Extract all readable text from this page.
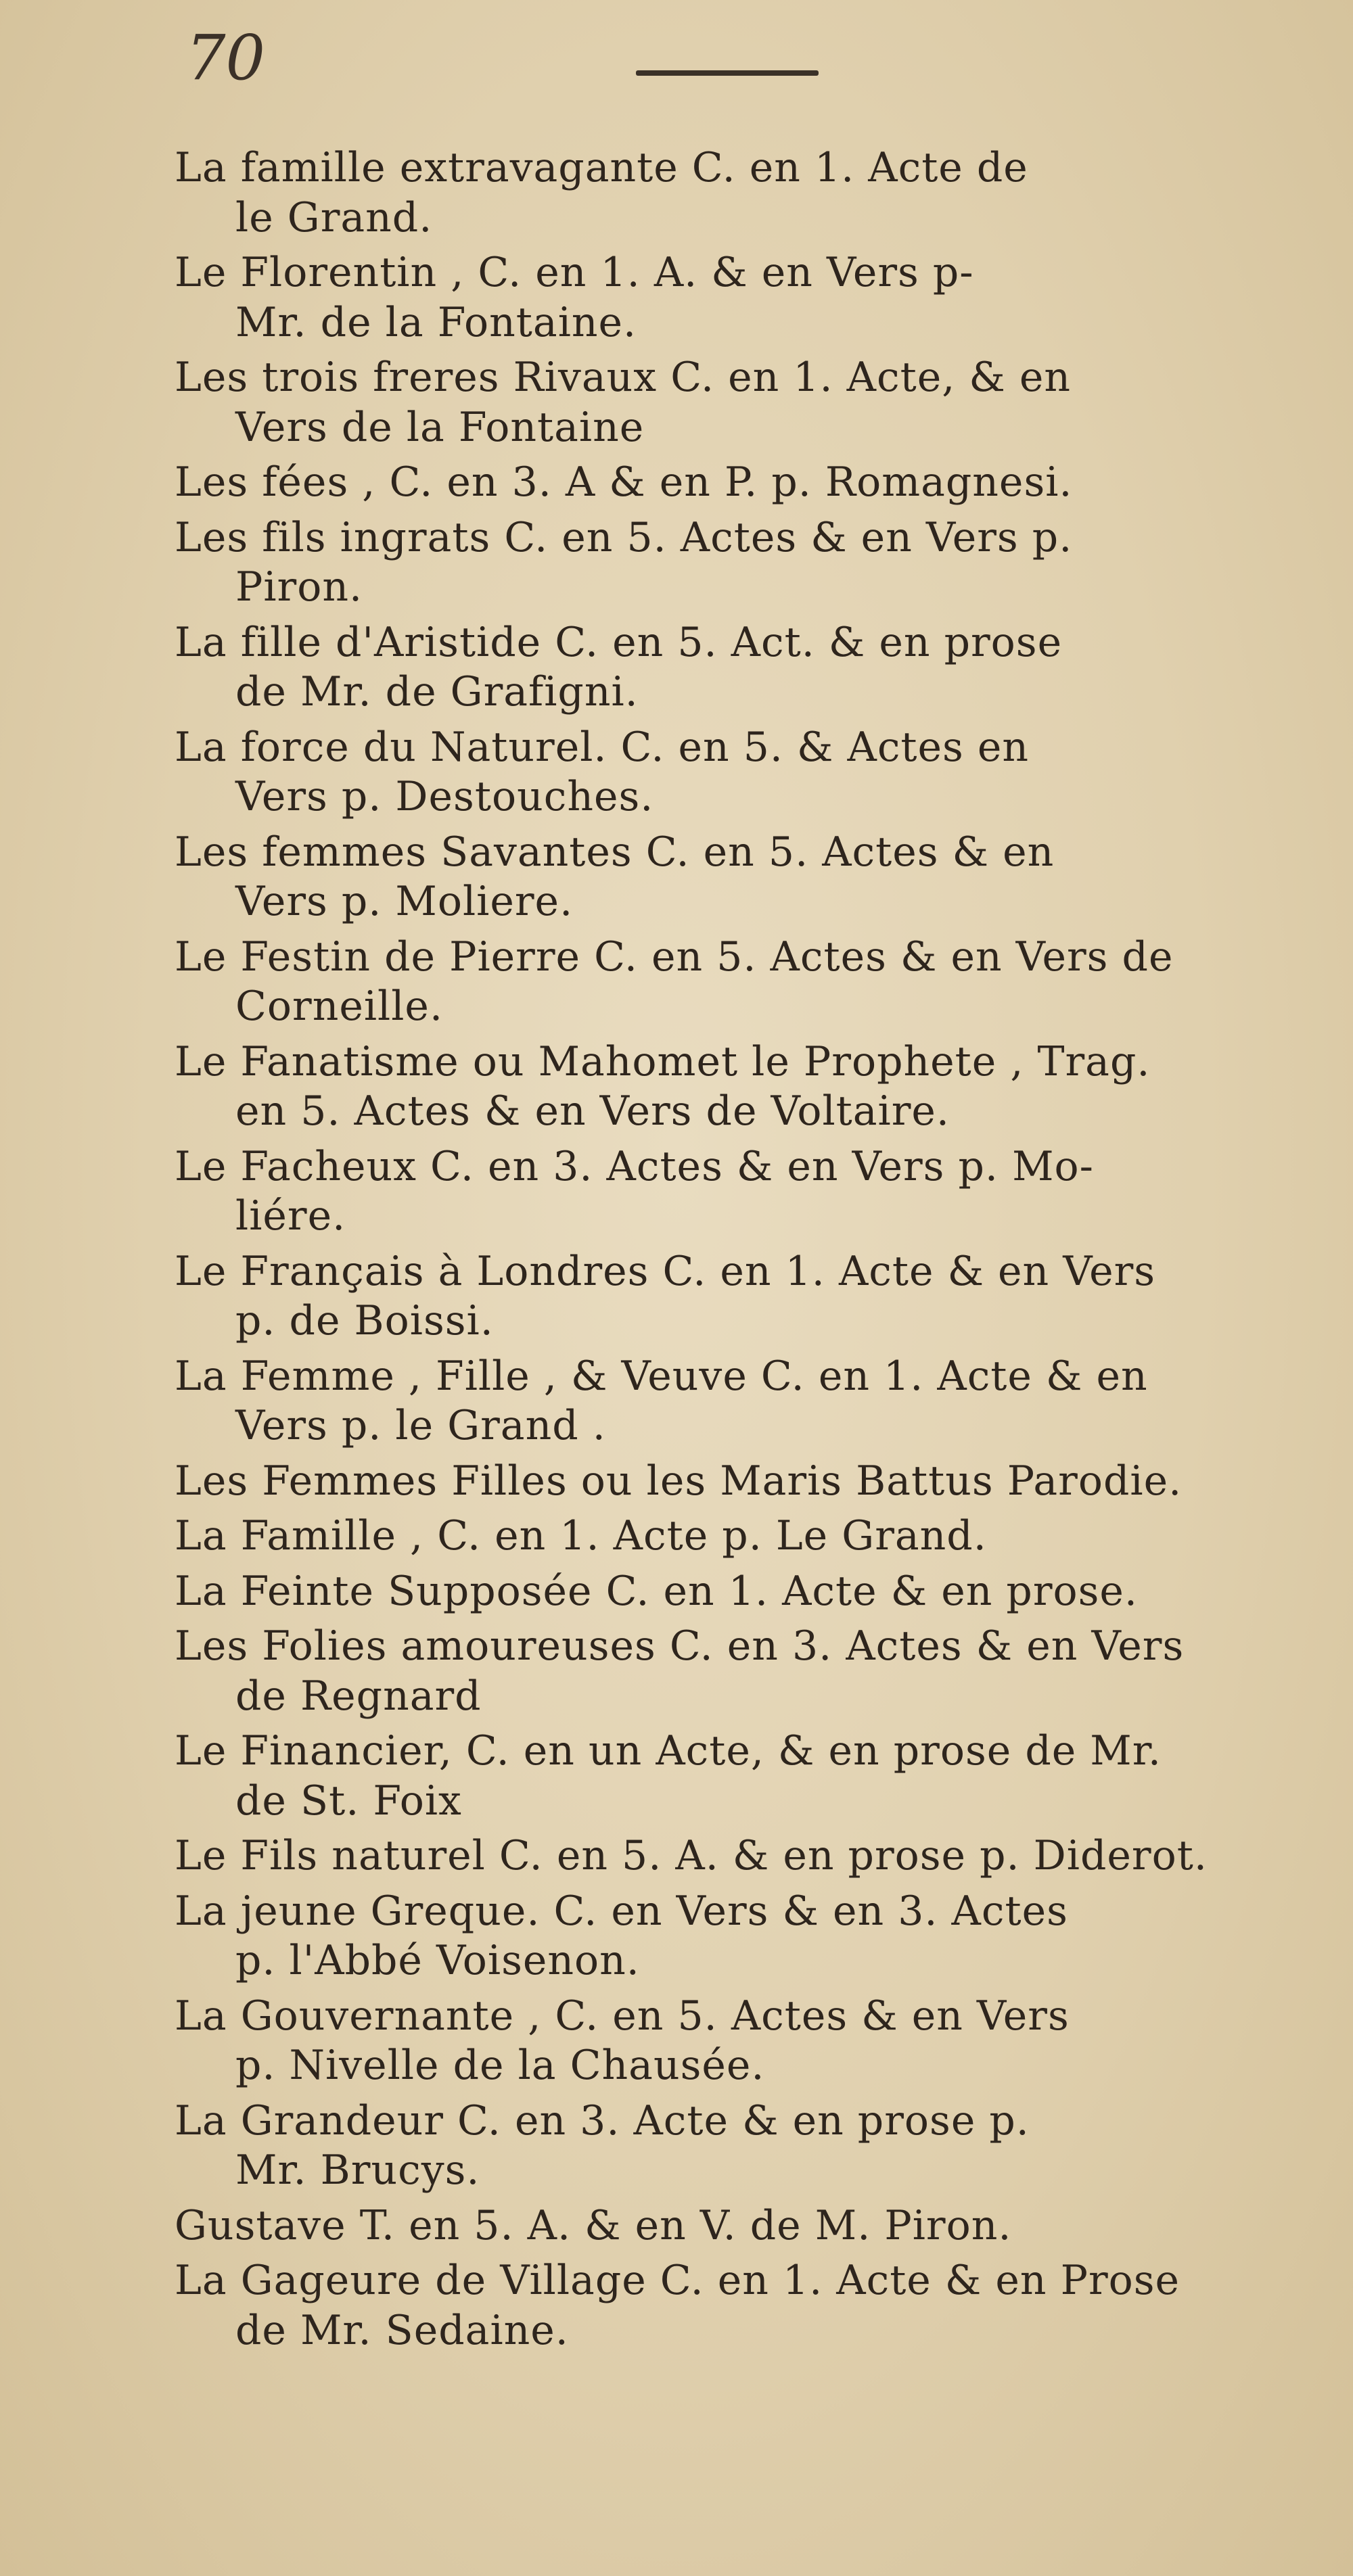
70
La famille extravagante C. en 1. Acte de
le Grand.
Le Florentin , C. en 1. A. & en Vers p-
Mr. de la Fontaine.
Les trois freres Rivaux C. en 1. Acte, & en
Vers de la Fontaine
Les fées , C. en 3. A & en P. p. Romagnesi.
Les fils ingrats C. en 5. Actes & en Vers p.
Piron.
La fille d'Aristide C. en 5. Act. & en prose
de Mr. de Grafigni.
La force du Naturel. C. en 5. & Actes en
Vers p. Destouches.
Les femmes Savantes C. en 5. Actes & en
Vers p. Moliere.
Le Festin de Pierre C. en 5. Actes & en Vers de
Corneille.
Le Fanatisme ou Mahomet le Prophete , Trag.
en 5. Actes & en Vers de Voltaire.
Le Facheux C. en 3. Actes & en Vers p. Mo-
liére.
Le Français à Londres C. en 1. Acte & en Vers
p. de Boissi.
La Femme , Fille , & Veuve C. en 1. Acte & en
Vers p. le Grand .
Les Femmes Filles ou les Maris Battus Parodie.
La Famille , C. en 1. Acte p. Le Grand.
La Feinte Supposée C. en 1. Acte & en prose.
Les Folies amoureuses C. en 3. Actes & en Vers
de Regnard
Le Financier, C. en un Acte, & en prose de Mr.
de St. Foix
Le Fils naturel C. en 5. A. & en prose p. Diderot.
La jeune Greque. C. en Vers & en 3. Actes
p. l'Abbé Voisenon.
La Gouvernante , C. en 5. Actes & en Vers
p. Nivelle de la Chausée.
La Grandeur C. en 3. Acte & en prose p.
Mr. Brucys.
Gustave T. en 5. A. & en V. de M. Piron.
La Gageure de Village C. en 1. Acte & en Prose
de Mr. Sedaine.
